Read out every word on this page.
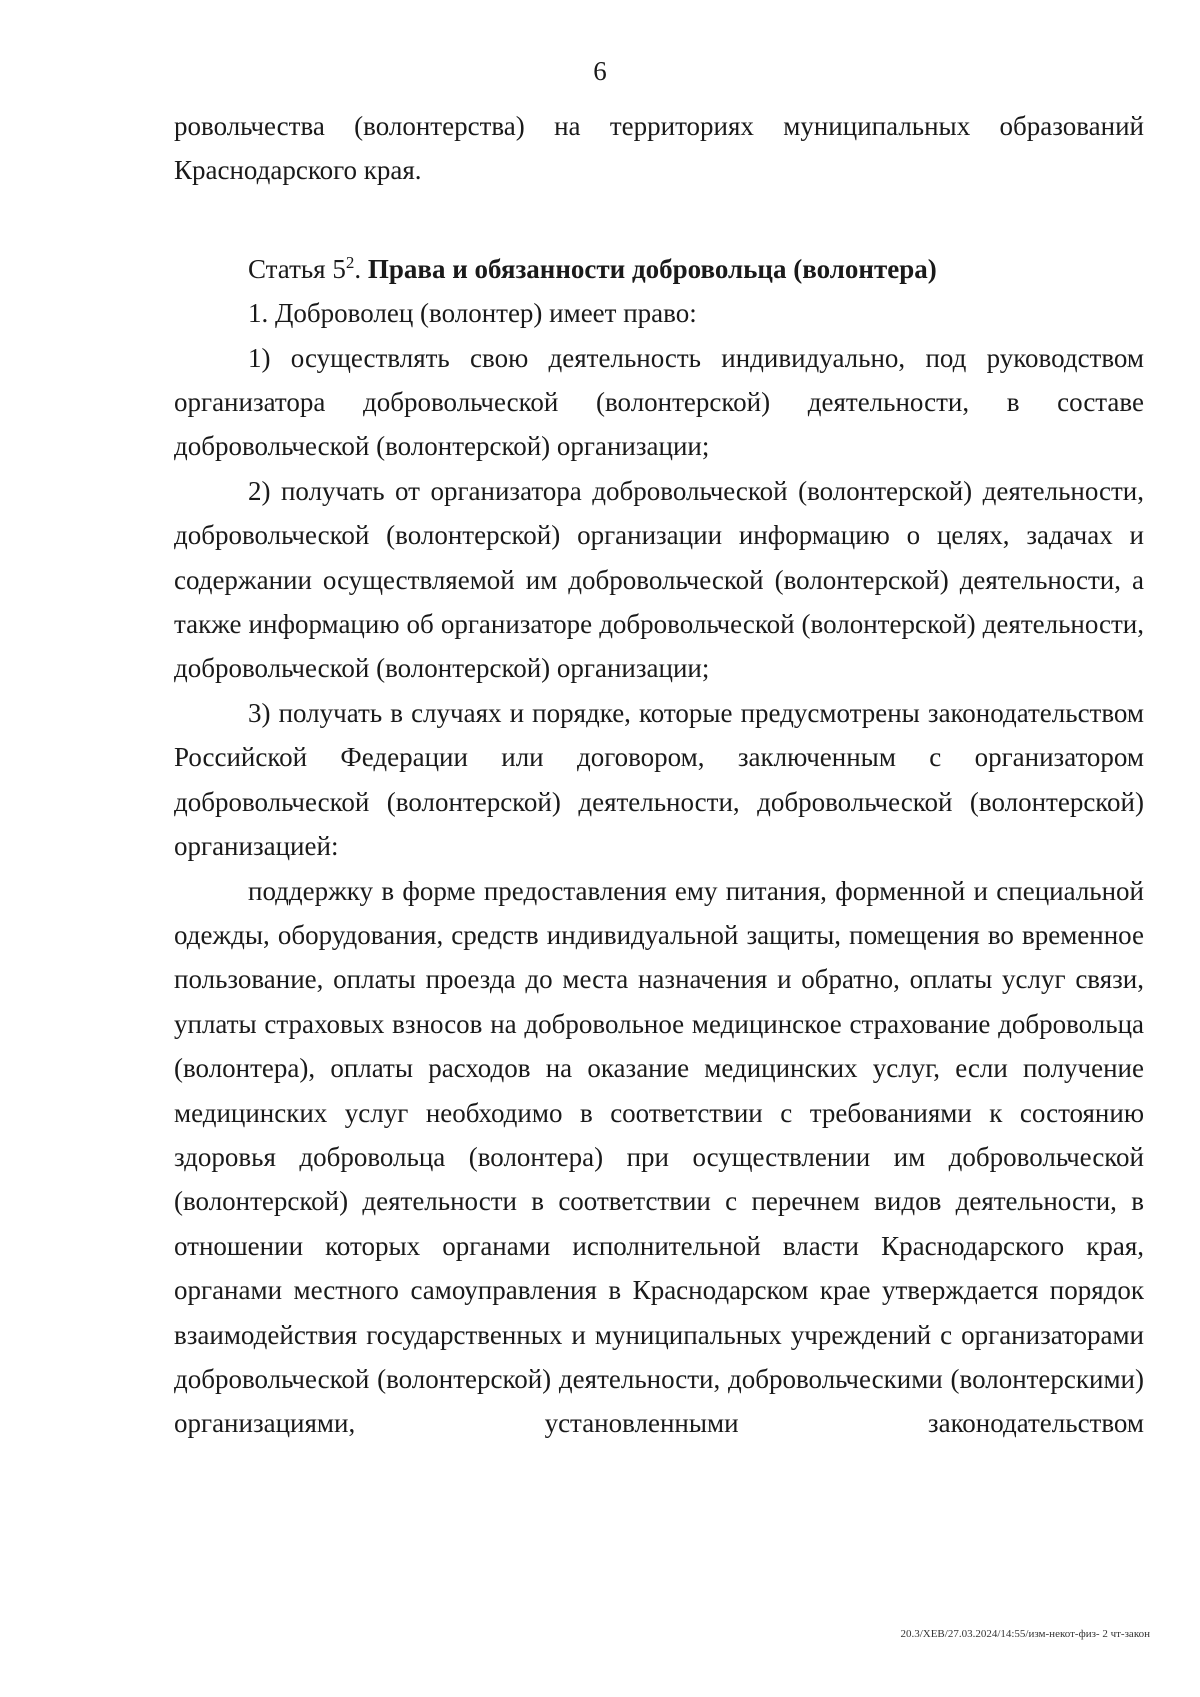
6

ровольчества (волонтерства) на территориях муниципальных образований Краснодарского края.

Статья $5^2$. Права и обязанности добровольца (волонтера)

1. Доброволец (волонтер) имеет право:

1) осуществлять свою деятельность индивидуально, под руководством организатора добровольческой (волонтерской) деятельности, в составе добровольческой (волонтерской) организации;

2) получать от организатора добровольческой (волонтерской) деятельности, добровольческой (волонтерской) организации информацию о целях, задачах и содержании осуществляемой им добровольческой (волонтерской) деятельности, а также информацию об организаторе добровольческой (волонтерской) деятельности, добровольческой (волонтерской) организации;

3) получать в случаях и порядке, которые предусмотрены законодательством Российской Федерации или договором, заключенным с организатором добровольческой (волонтерской) деятельности, добровольческой (волонтерской) организацией:

поддержку в форме предоставления ему питания, форменной и специальной одежды, оборудования, средств индивидуальной защиты, помещения во временное пользование, оплаты проезда до места назначения и обратно, оплаты услуг связи, уплаты страховых взносов на добровольное медицинское страхование добровольца (волонтера), оплаты расходов на оказание медицинских услуг, если получение медицинских услуг необходимо в соответствии с требованиями к состоянию здоровья добровольца (волонтера) при осуществлении им добровольческой (волонтерской) деятельности в соответствии с перечнем видов деятельности, в отношении которых органами исполнительной власти Краснодарского края, органами местного самоуправления в Краснодарском крае утверждается порядок взаимодействия государственных и муниципальных учреждений с организаторами добровольческой (волонтерской) деятельности, добровольческими (волонтерскими) организациями, установленными законодательством

20.3/ХЕВ/27.03.2024/14:55/изм-некот-физ- 2 чт-закон
